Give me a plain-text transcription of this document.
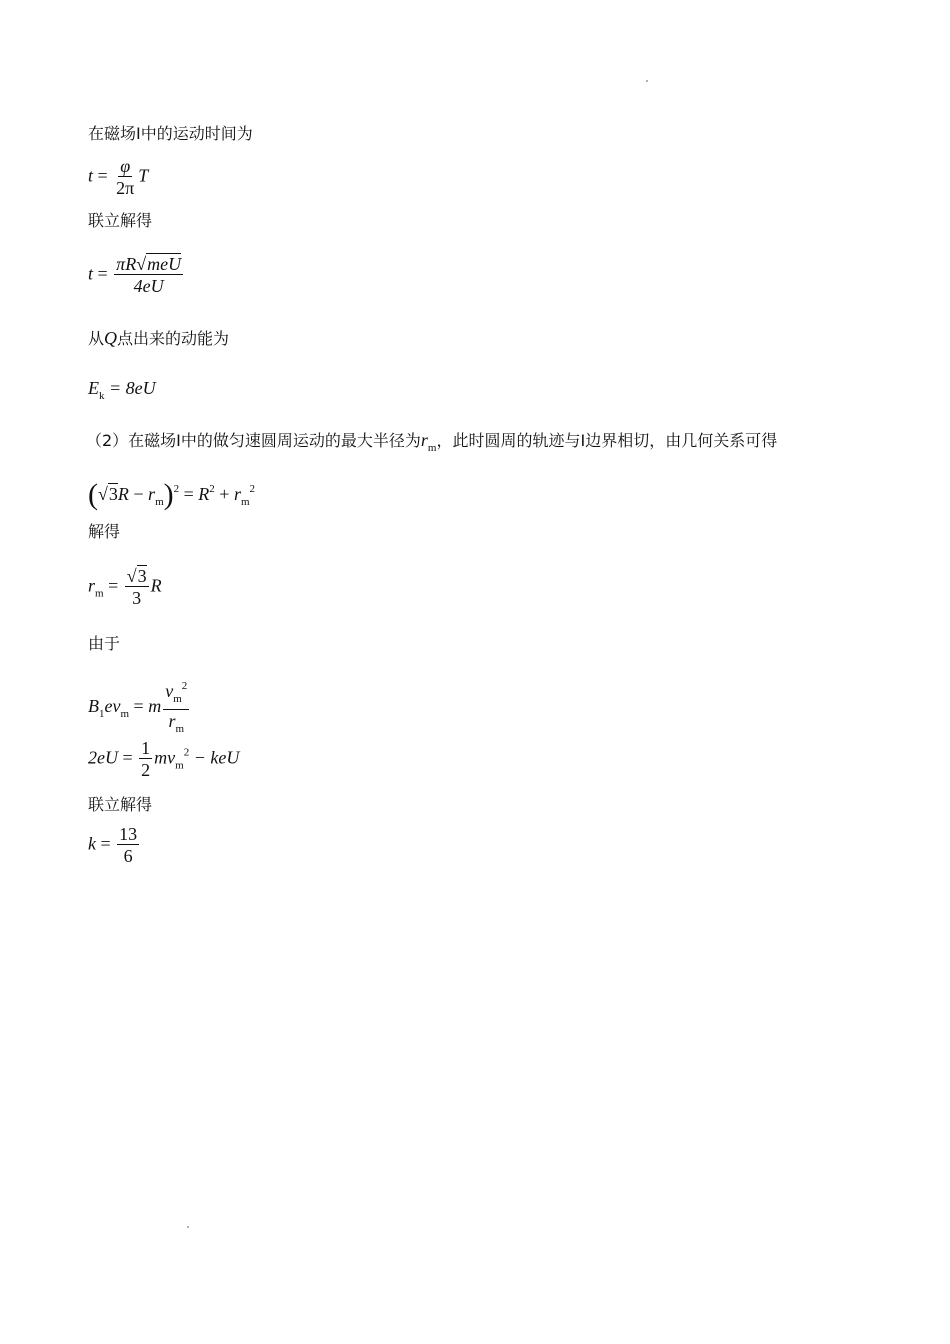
在磁场Ⅰ中的运动时间为
$t = \frac{\varphi}{2\pi}$ T
联立解得
$t = \frac{\text{πR√meU}}{4eU}$
从Q点出来的动能为
$E_k = 8eU$
（2）在磁场Ⅰ中的做匀速圆周运动的最大半径为$r_m$，此时圆周的轨迹与Ⅰ边界相切，由几何关系可得
$(√3R - r_m)^2 = R^2 + r_m^2$
解得
$r_m = \frac{√3}{3}$ R
由于
$B_1ev_m = m \frac{v_m^2}{r_m}$
$2eU = \frac{1}{2} mv_m^2$ − keU
联立解得
$k = \frac{13}{6}$
